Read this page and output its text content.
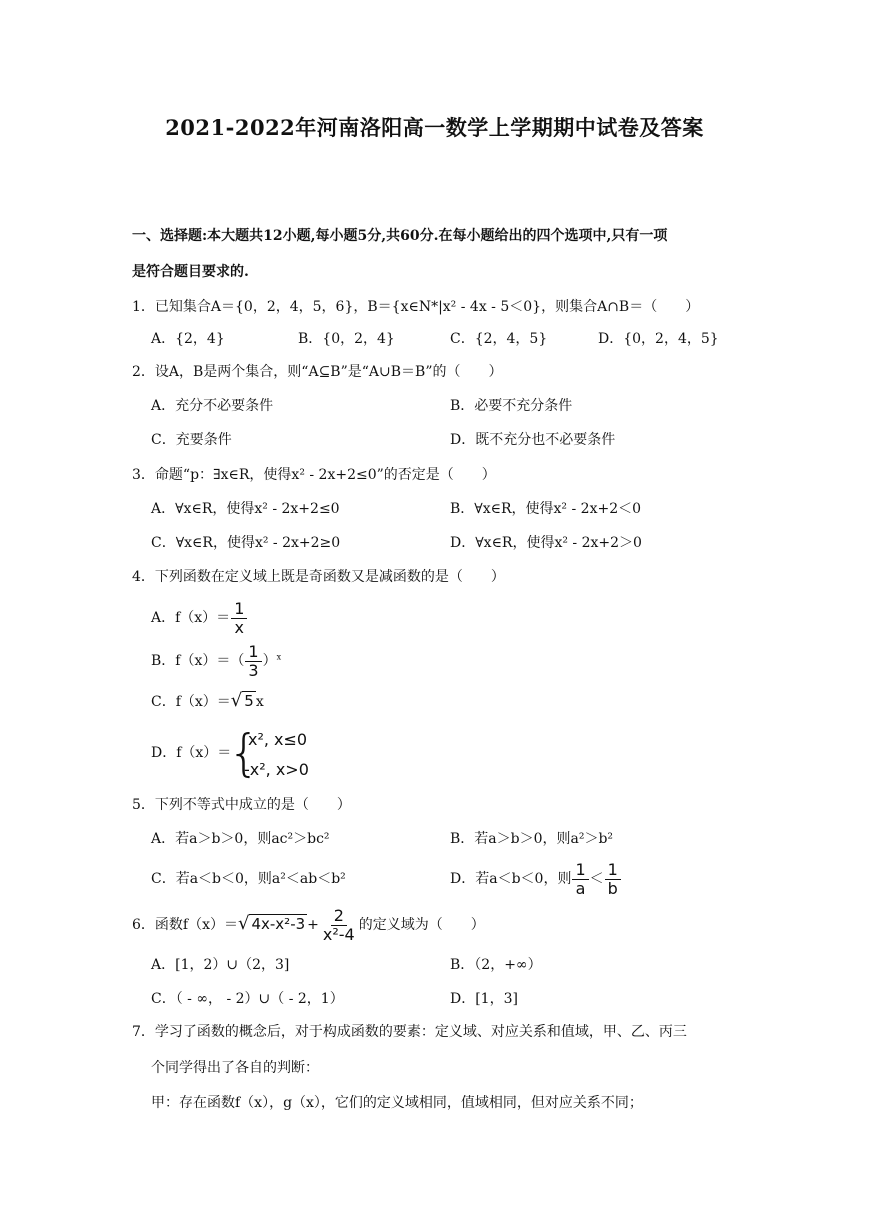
2021-2022年河南洛阳高一数学上学期期中试卷及答案
一、选择题:本大题共12小题,每小题5分,共60分.在每小题给出的四个选项中,只有一项
是符合题目要求的.
1．已知集合A＝{0，2，4，5，6}，B＝{x∈N*|x² - 4x - 5＜0}，则集合A∩B＝（　　）
A．{2，4}	B．{0，2，4}	C．{2，4，5}	D．{0，2，4，5}
2．设A，B是两个集合，则“A⊆B”是“A∪B＝B”的（　　）
A．充分不必要条件	B．必要不充分条件
C．充要条件	D．既不充分也不必要条件
3．命题“p：∃x∈R，使得x² - 2x+2≤0”的否定是（　　）
A．∀x∈R，使得x² - 2x+2≤0	B．∀x∈R，使得x² - 2x+2＜0
C．∀x∈R，使得x² - 2x+2≥0	D．∀x∈R，使得x² - 2x+2＞0
4．下列函数在定义域上既是奇函数又是减函数的是（　　）
A．$f(x)= \frac{1}{x}$
B．$f(x)=( \frac{1}{3} )^x$
C．f（x）＝√ 5 x
D．f（x）＝
{
x², x≤0
-x², x>0
5．下列不等式中成立的是（　　）
A．若a＞b＞0，则ac²＞bc²	B．若a＞b＞0，则a²＞b²
C．若a＜b＜0，则a²＜ab＜b²	D．若a＜b＜0，则 $\frac{1}{a} < \frac{1}{b}$
6．函数f（x）＝√ $4x-x^2-3 + \frac{2}{\text{x²-4}}$ 的定义域为（　　）
A．[1，2）∪（2，3]	B．（2，+∞）
C．（ - ∞， - 2）∪（ - 2，1）	D．[1，3]
7．学习了函数的概念后，对于构成函数的要素：定义域、对应关系和值域，甲、乙、丙三
个同学得出了各自的判断：
甲：存在函数f（x），g（x），它们的定义域相同，值域相同，但对应关系不同；
